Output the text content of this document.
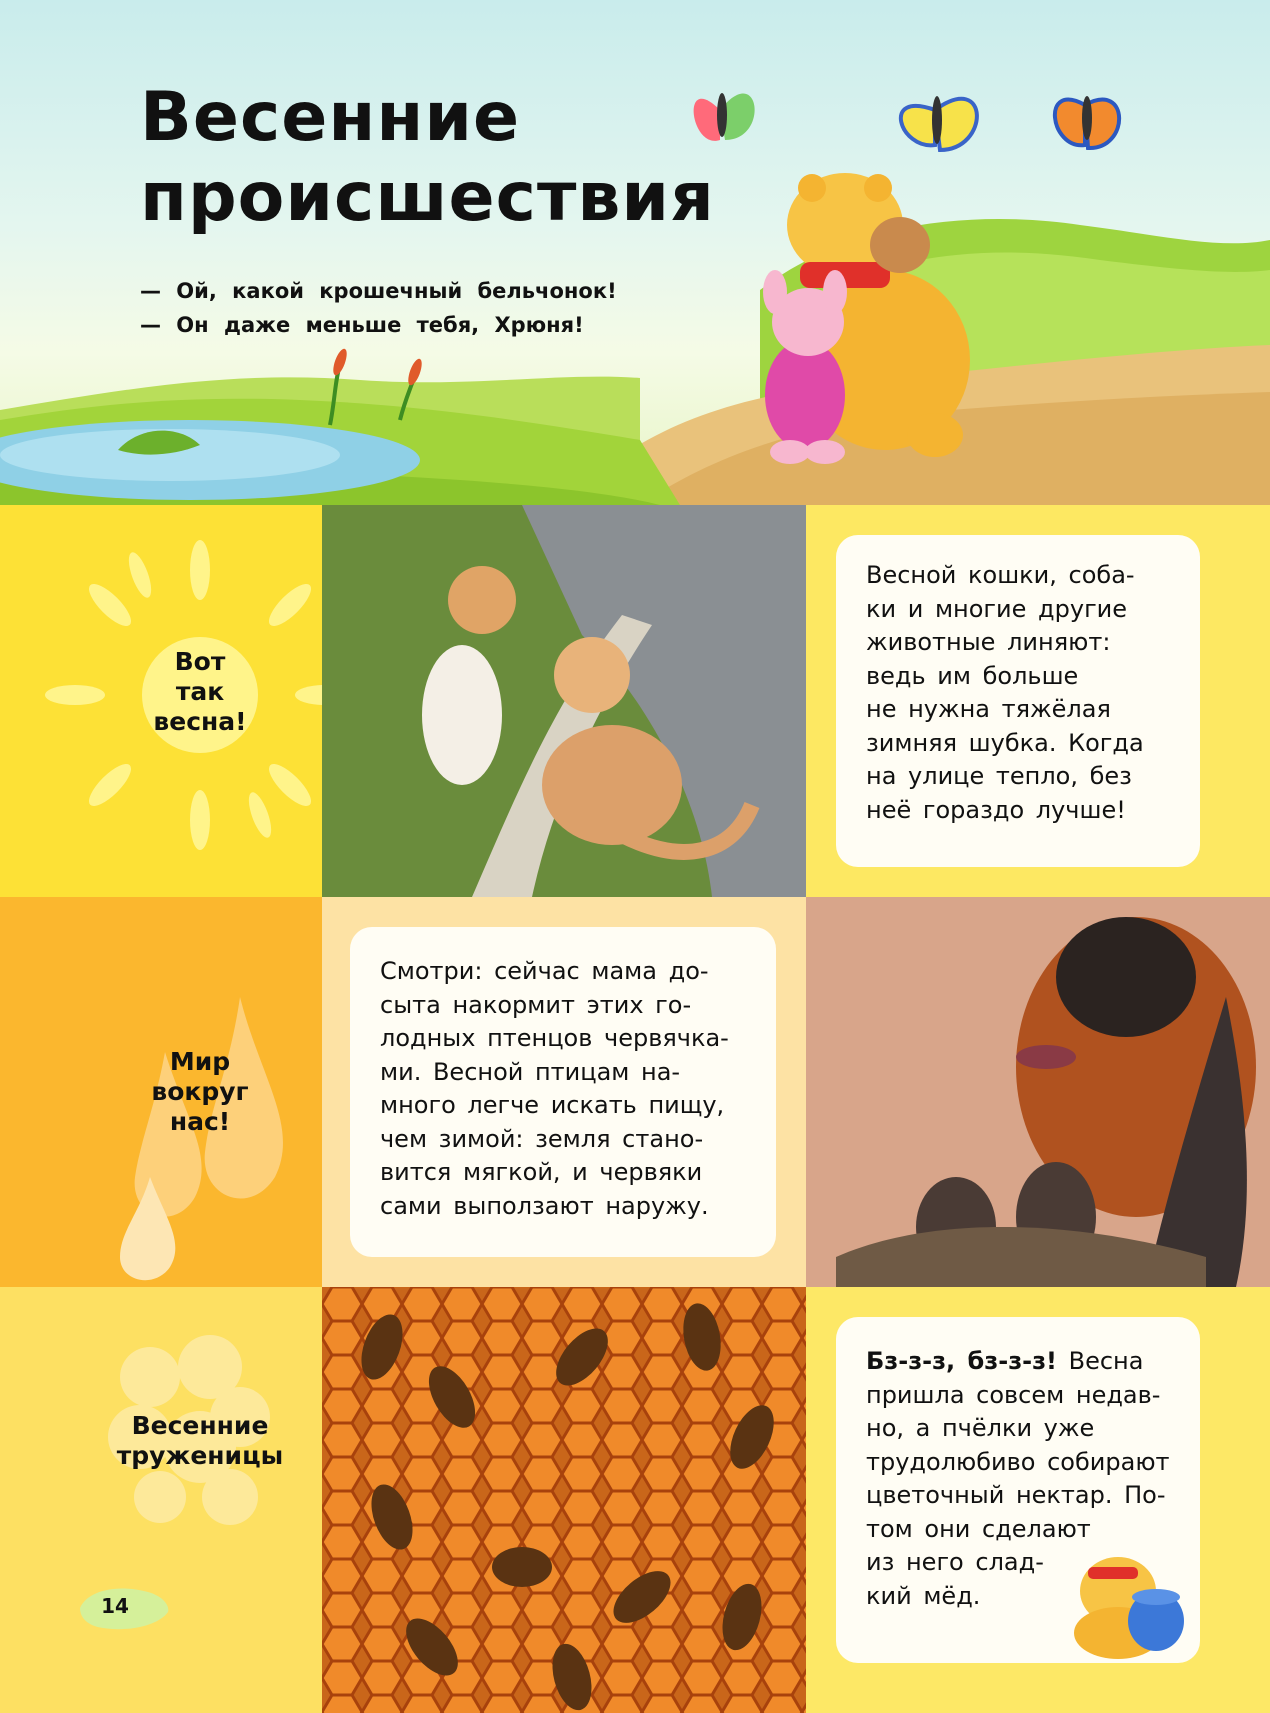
Весенние
происшествия
— Ой, какой крошечный бельчонок!
— Он даже меньше тебя, Хрюня!
Вот
так
весна!

Весной кошки, соба-
ки и многие другие
животные линяют:
ведь им больше
не нужна тяжёлая
зимняя шубка. Когда
на улице тепло, без
неё гораздо лучше!

Мир
вокруг
нас!

Смотри: сейчас мама до-
сыта накормит этих го-
лодных птенцов червячка-
ми. Весной птицам на-
много легче искать пищу,
чем зимой: земля стано-
вится мягкой, и червяки
сами выползают наружу.

Весенние
труженицы
14

Бз-з-з, бз-з-з! Весна
пришла совсем недав-
но, а пчёлки уже
трудолюбиво собирают
цветочный нектар. По-
том они сделают
из него слад-
кий мёд.
